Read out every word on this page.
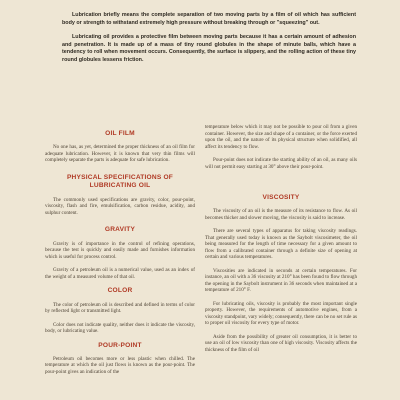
Lubrication briefly means the complete separation of two moving parts by a film of oil which has sufficient body or strength to withstand extremely high pressure without breaking through or "squeezing" out.

Lubricating oil provides a protective film between moving parts because it has a certain amount of adhesion and penetration. It is made up of a mass of tiny round globules in the shape of minute balls, which have a tendency to roll when movement occurs. Consequently, the surface is slippery, and the rolling action of these tiny round globules lessens friction.

OIL FILM

No one has, as yet, determined the proper thickness of an oil film for adequate lubrication. However, it is known that very thin films will completely separate the parts is adequate for safe lubrication.

PHYSICAL SPECIFICATIONS OF
LUBRICATING OIL

The commonly used specifications are gravity, color, pour-point, viscosity, flash and fire, emulsification, carbon residue, acidity, and sulphur content.

GRAVITY

Gravity is of importance in the control of refining operations, because the test is quickly and easily made and furnishes information which is useful for process control.

Gravity of a petroleum oil is a numerical value, used as an index of the weight of a measured volume of that oil.

COLOR

The color of petroleum oil is described and defined in terms of color by reflected light or transmitted light.

Color does not indicate quality, neither does it indicate the viscosity, body, or lubricating value.

POUR-POINT

Petroleum oil becomes more or less plastic when chilled. The temperature at which the oil just flows is known as the pour-point. The pour-point gives an indication of the

temperature below which it may not be possible to pour oil from a given container. However, the size and shape of a container, or the force exerted upon the oil, and the nature of its physical structure when solidified, all affect its tendency to flow.

Pour-point does not indicate the starting ability of an oil, as many oils will not permit easy starting at 30° above their pour-point.

VISCOSITY

The viscosity of an oil is the measure of its resistance to flow. As oil becomes thicker and slower moving, the viscosity is said to increase.

There are several types of apparatus for taking viscosity readings. That generally used today is known as the Saybolt viscosimeter, the oil being measured for the length of time necessary for a given amount to flow from a calibrated container through a definite size of opening at certain and various temperatures.

Viscosities are indicated in seconds at certain temperatures. For instance, an oil with a 36 viscosity at 210° has been found to flow through the opening in the Saybolt instrument in 36 seconds when maintained at a temperature of 210° F.

For lubricating oils, viscosity is probably the most important single property. However, the requirements of automotive engines, from a viscosity standpoint, vary widely; consequently, there can be no set rule as to proper oil viscosity for every type of motor.

Aside from the possibility of greater oil consumption, it is better to use an oil of low viscosity than one of high viscosity. Viscosity affects the thickness of the film of oil
